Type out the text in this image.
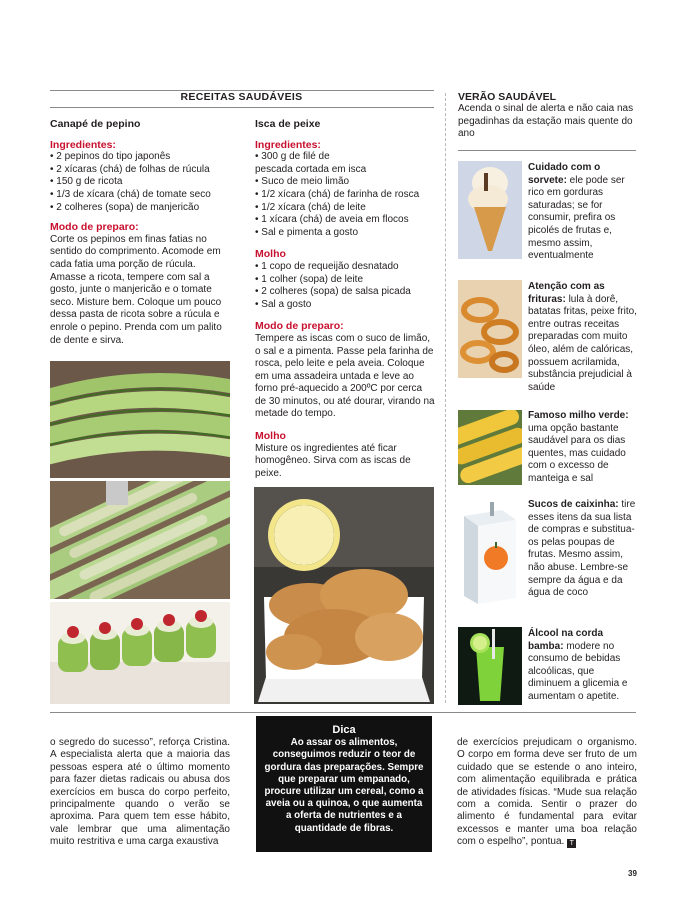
RECEITAS SAUDÁVEIS
Canapé de pepino
Ingredientes:
• 2 pepinos do tipo japonês
• 2 xícaras (chá) de folhas de rúcula
• 150 g de ricota
• 1/3 de xícara (chá) de tomate seco
• 2 colheres (sopa) de manjericão
Modo de preparo:

Corte os pepinos em finas fatias no sentido do comprimento. Acomode em cada fatia uma porção de rúcula. Amasse a ricota, tempere com sal a gosto, junte o manjericão e o tomate seco. Misture bem. Coloque um pouco dessa pasta de ricota sobre a rúcula e enrole o pepino. Prenda com um palito de dente e sirva.

Isca de peixe
Ingredientes:
• 300 g de filé de
pescada cortada em isca
• Suco de meio limão
• 1/2 xícara (chá) de farinha de rosca
• 1/2 xícara (chá) de leite
• 1 xícara (chá) de aveia em flocos
• Sal e pimenta a gosto
Molho
• 1 copo de requeijão desnatado
• 1 colher (sopa) de leite
• 2 colheres (sopa) de salsa picada
• Sal a gosto
Modo de preparo:

Tempere as iscas com o suco de limão, o sal e a pimenta. Passe pela farinha de rosca, pelo leite e pela aveia. Coloque em uma assadeira untada e leve ao forno pré-aquecido a 200ºC por cerca de 30 minutos, ou até dourar, virando na metade do tempo.

Molho

Misture os ingredientes até ficar homogêneo. Sirva com as iscas de peixe.

VERÃO SAUDÁVEL
Acenda o sinal de alerta e não caia nas pegadinhas da estação mais quente do ano
Cuidado com o sorvete: ele pode ser rico em gorduras saturadas; se for consumir, prefira os picolés de frutas e, mesmo assim, eventualmente
Atenção com as frituras: lula à dorê, batatas fritas, peixe frito, entre outras receitas preparadas com muito óleo, além de calóricas, possuem acrilamida, substância prejudicial à saúde
Famoso milho verde: uma opção bastante saudável para os dias quentes, mas cuidado com o excesso de manteiga e sal
Sucos de caixinha: tire esses itens da sua lista de compras e substitua-os pelas poupas de frutas. Mesmo assim, não abuse. Lembre-se sempre da água e da água de coco
Álcool na corda bamba: modere no consumo de bebidas alcoólicas, que diminuem a glicemia e aumentam o apetite.
o segredo do sucesso”, reforça Cristina. A especialista alerta que a maioria das pessoas espera até o último momento para fazer dietas radicais ou abusa dos exercícios em busca do corpo perfeito, principalmente quando o verão se aproxima. Para quem tem esse hábito, vale lembrar que uma alimentação muito restritiva e uma carga exaustiva
Dica
Ao assar os alimentos, conseguimos reduzir o teor de gordura das preparações. Sempre que preparar um empanado, procure utilizar um cereal, como a aveia ou a quinoa, o que aumenta a oferta de nutrientes e a quantidade de fibras.
de exercícios prejudicam o organismo. O corpo em forma deve ser fruto de um cuidado que se estende o ano inteiro, com alimentação equilibrada e prática de atividades físicas. “Mude sua relação com a comida. Sentir o prazer do alimento é fundamental para evitar excessos e manter uma boa relação com o espelho”, pontua. T
39
